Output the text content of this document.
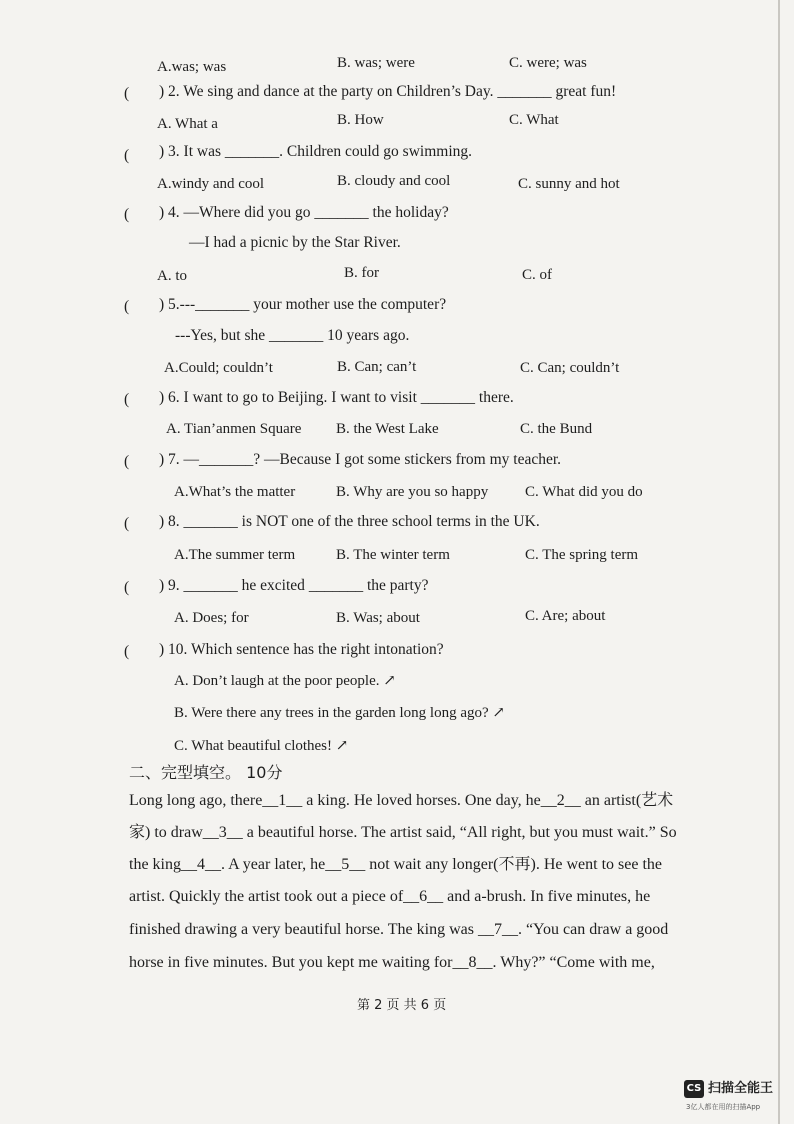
A.was; was	B. was; were	C. were; was
( ) 2. We sing and dance at the party on Children’s Day. _______ great fun!
A. What a	B. How	C. What
( ) 3. It was _______. Children could go swimming.
A.windy and cool	B. cloudy and cool	C. sunny and hot
( ) 4. —Where did you go _______ the holiday?
—I had a picnic by the Star River.
A. to	B. for	C. of
( ) 5.---_______ your mother use the computer?
---Yes, but she _______ 10 years ago.
A.Could; couldn’t	B. Can; can’t	C. Can; couldn’t
( ) 6. I want to go to Beijing. I want to visit _______ there.
A. Tian’anmen Square B. the West Lake	C. the Bund
( ) 7. —_______? —Because I got some stickers from my teacher.
A.What’s the matter	B. Why are you so happy C. What did you do
( ) 8. _______ is NOT one of the three school terms in the UK.
A.The summer term	B. The winter term	C. The spring term
( ) 9. _______ he excited _______ the party?
A. Does; for	B. Was; about	C. Are; about
( ) 10. Which sentence has the right intonation?
A. Don’t laugh at the poor people. ↗
B. Were there any trees in the garden long long ago? ↗
C. What beautiful clothes! ↗
二、完型填空。 10分
Long long ago, there__1__ a king. He loved horses. One day, he__2__ an artist(艺术
家) to draw__3__ a beautiful horse. The artist said, “All right, but you must wait.” So
the king__4__. A year later, he__5__ not wait any longer(不再). He went to see the
artist. Quickly the artist took out a piece of__6__ and a-brush. In five minutes, he
finished drawing a very beautiful horse. The king was __7__. “You can draw a good
horse in five minutes. But you kept me waiting for__8__. Why?” “Come with me,
第 2 页 共 6 页
CS 扫描全能王
3亿人都在用的扫描App
